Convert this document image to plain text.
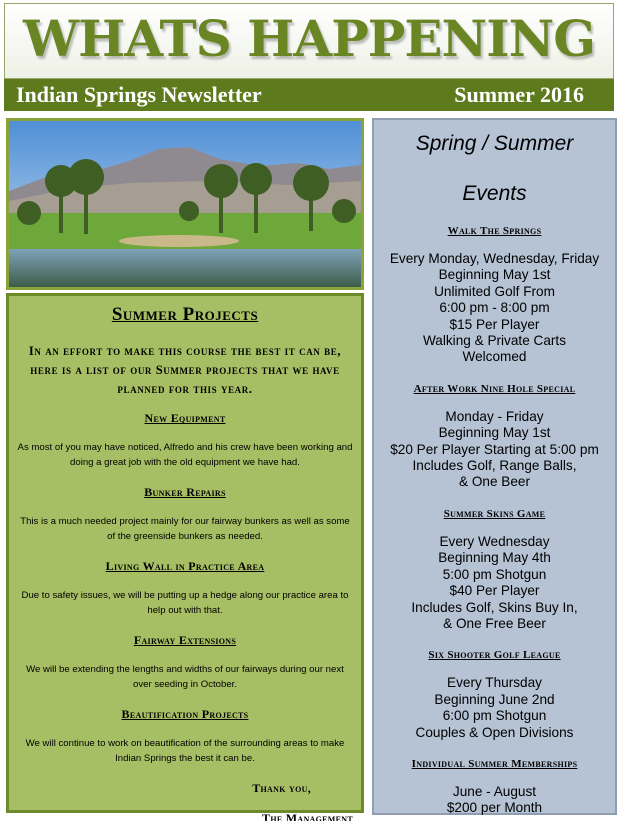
WHATS HAPPENING
Indian Springs Newsletter	Summer 2016
Summer Projects
In an effort to make this course the best it can be, here is a list of our Summer projects that we have planned for this year.
New Equipment
As most of you may have noticed, Alfredo and his crew have been working and doing a great job with the old equipment we have had.
Bunker Repairs
This is a much needed project mainly for our fairway bunkers as well as some of the greenside bunkers as needed.
Living Wall in Practice Area
Due to safety issues, we will be putting up a hedge along our practice area to help out with that.
Fairway Extensions
We will be extending the lengths and widths of our fairways during our next over seeding in October.
Beautification Projects
We will continue to work on beautification of the surrounding areas to make Indian Springs the best it can be.
Thank you,
The Management
Spring / Summer
Events
Walk The Springs
Every Monday, Wednesday, Friday
Beginning May 1st
Unlimited Golf From
6:00 pm - 8:00 pm
$15 Per Player
Walking & Private Carts
Welcomed
After Work Nine Hole Special
Monday - Friday
Beginning May 1st
$20 Per Player Starting at 5:00 pm
Includes Golf, Range Balls,
& One Beer
Summer Skins Game
Every Wednesday
Beginning May 4th
5:00 pm Shotgun
$40 Per Player
Includes Golf, Skins Buy In,
& One Free Beer
Six Shooter Golf League
Every Thursday
Beginning June 2nd
6:00 pm Shotgun
Couples & Open Divisions
Individual Summer Memberships
June - August
$200 per Month
